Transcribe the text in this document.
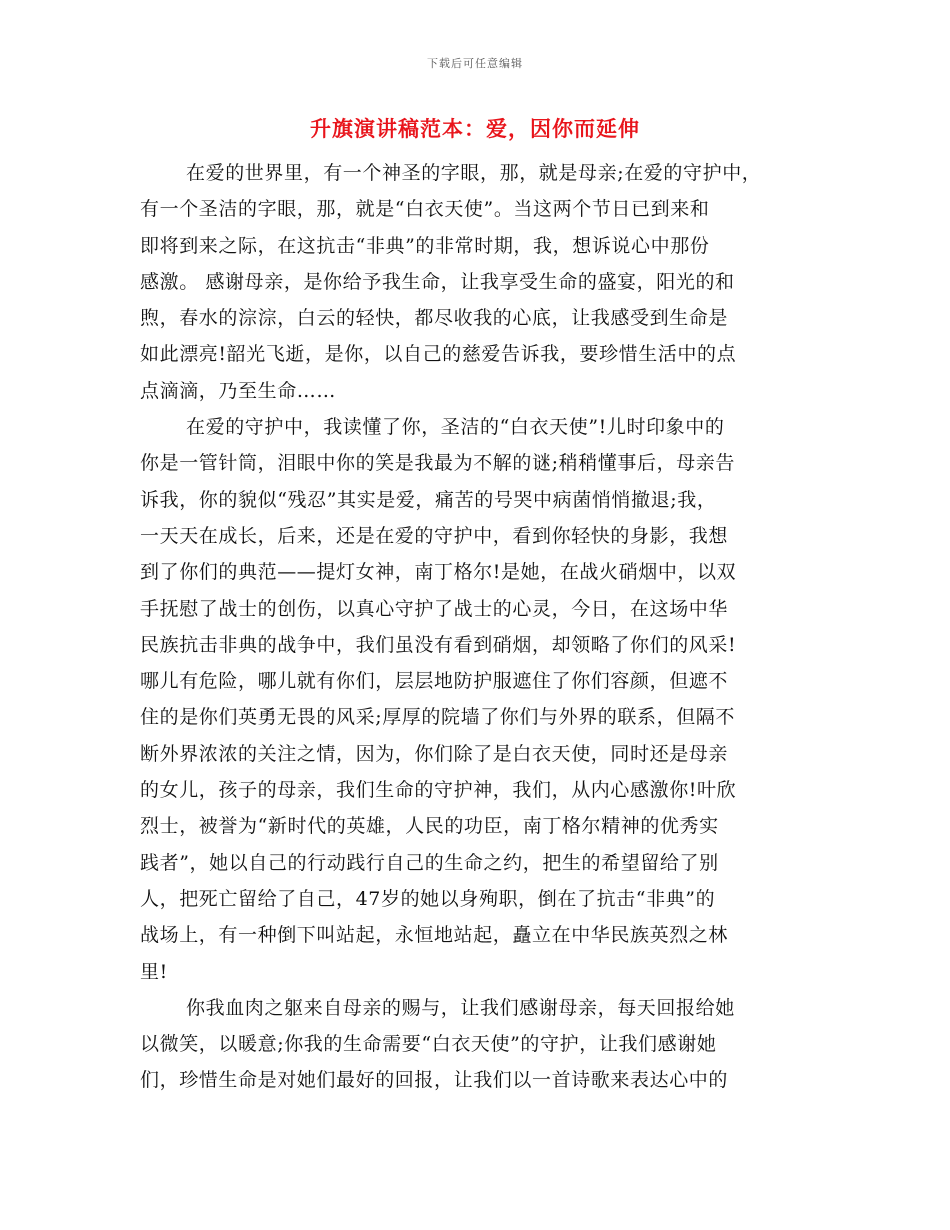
下载后可任意编辑
升旗演讲稿范本：爱，因你而延伸
在爱的世界里，有一个神圣的字眼，那，就是母亲;在爱的守护中，
有一个圣洁的字眼，那，就是“白衣天使”。当这两个节日已到来和
即将到来之际，在这抗击“非典”的非常时期，我，想诉说心中那份
感激。 感谢母亲，是你给予我生命，让我享受生命的盛宴，阳光的和
煦，春水的淙淙，白云的轻快，都尽收我的心底，让我感受到生命是
如此漂亮!韶光飞逝，是你，以自己的慈爱告诉我，要珍惜生活中的点
点滴滴，乃至生命……
在爱的守护中，我读懂了你，圣洁的“白衣天使”!儿时印象中的
你是一管针筒，泪眼中你的笑是我最为不解的谜;稍稍懂事后，母亲告
诉我，你的貌似“残忍”其实是爱，痛苦的号哭中病菌悄悄撤退;我，
一天天在成长，后来，还是在爱的守护中，看到你轻快的身影，我想
到了你们的典范——提灯女神，南丁格尔!是她，在战火硝烟中，以双
手抚慰了战士的创伤，以真心守护了战士的心灵，今日，在这场中华
民族抗击非典的战争中，我们虽没有看到硝烟，却领略了你们的风采!
哪儿有危险，哪儿就有你们，层层地防护服遮住了你们容颜，但遮不
住的是你们英勇无畏的风采;厚厚的院墙了你们与外界的联系，但隔不
断外界浓浓的关注之情，因为，你们除了是白衣天使，同时还是母亲
的女儿，孩子的母亲，我们生命的守护神，我们，从内心感激你!叶欣
烈士，被誉为“新时代的英雄，人民的功臣，南丁格尔精神的优秀实
践者”，她以自己的行动践行自己的生命之约，把生的希望留给了别
人，把死亡留给了自己，47岁的她以身殉职，倒在了抗击“非典”的
战场上，有一种倒下叫站起，永恒地站起，矗立在中华民族英烈之林
里!
你我血肉之躯来自母亲的赐与，让我们感谢母亲，每天回报给她
以微笑，以暖意;你我的生命需要“白衣天使”的守护，让我们感谢她
们，珍惜生命是对她们最好的回报，让我们以一首诗歌来表达心中的
